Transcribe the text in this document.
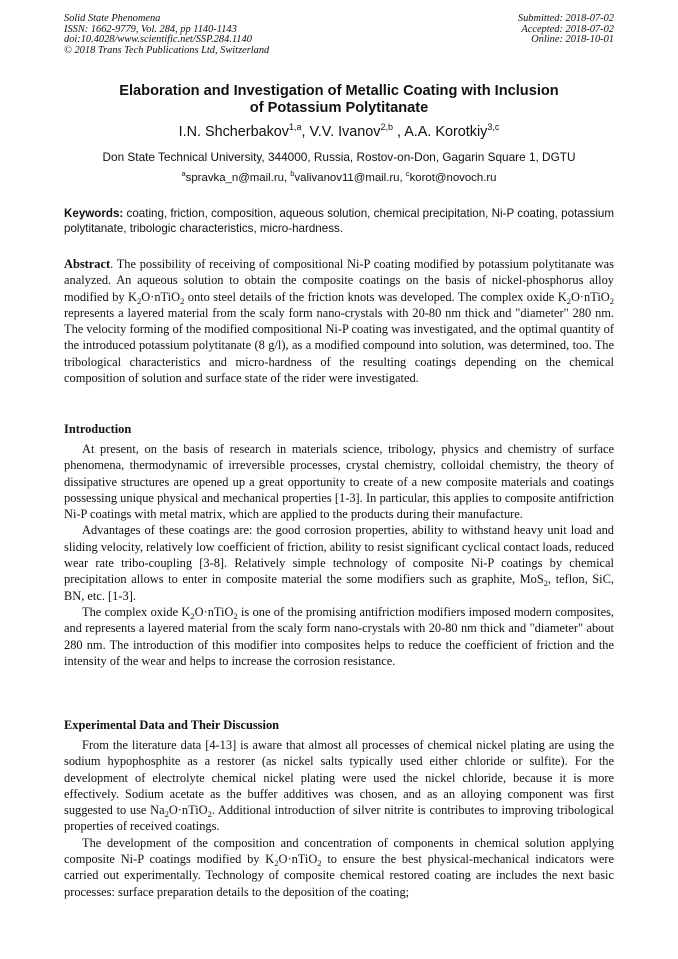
Solid State Phenomena
ISSN: 1662-9779, Vol. 284, pp 1140-1143
doi:10.4028/www.scientific.net/SSP.284.1140
© 2018 Trans Tech Publications Ltd, Switzerland
Submitted: 2018-07-02
Accepted: 2018-07-02
Online: 2018-10-01
Elaboration and Investigation of Metallic Coating with Inclusion
of Potassium Polytitanate
I.N. Shcherbakov$^{1,a}$, V.V. Ivanov$^{2,b}$ , A.A. Korotkiy$^{3,c}$
Don State Technical University, 344000, Russia, Rostov-on-Don, Gagarin Square 1, DGTU
$^a$spravka_n@mail.ru, $^b$valivanov11@mail.ru, $^c$korot@novoch.ru
Keywords: coating, friction, composition, aqueous solution, chemical precipitation, Ni-P coating, potassium polytitanate, tribologic characteristics, micro-hardness.

Abstract. The possibility of receiving of compositional Ni-P coating modified by potassium polytitanate was analyzed. An aqueous solution to obtain the composite coatings on the basis of nickel-phosphorus alloy modified by $K_2O\cdot nTiO_2$ onto steel details of the friction knots was developed. The complex oxide $K_2O\cdot nTiO_2$ represents a layered material from the scaly form nano-crystals with 20-80 nm thick and "diameter" 280 nm. The velocity forming of the modified compositional Ni-P coating was investigated, and the optimal quantity of the introduced potassium polytitanate (8 g/l), as a modified compound into solution, was determined, too. The tribological characteristics and micro-hardness of the resulting coatings depending on the chemical composition of solution and surface state of the rider were investigated.

Introduction

At present, on the basis of research in materials science, tribology, physics and chemistry of surface phenomena, thermodynamic of irreversible processes, crystal chemistry, colloidal chemistry, the theory of dissipative structures are opened up a great opportunity to create of a new composite materials and coatings possessing unique physical and mechanical properties [1-3]. In particular, this applies to composite antifriction Ni-P coatings with metal matrix, which are applied to the products during their manufacture.

Advantages of these coatings are: the good corrosion properties, ability to withstand heavy unit load and sliding velocity, relatively low coefficient of friction, ability to resist significant cyclical contact loads, reduced wear rate tribo-coupling [3-8]. Relatively simple technology of composite Ni-P coatings by chemical precipitation allows to enter in composite material the some modifiers such as graphite, MoS$_2$, teflon, SiC, BN, etc. [1-3].

The complex oxide $K_2O\cdot nTiO_2$ is one of the promising antifriction modifiers imposed modern composites, and represents a layered material from the scaly form nano-crystals with 20-80 nm thick and "diameter" about 280 nm. The introduction of this modifier into composites helps to reduce the coefficient of friction and the intensity of the wear and helps to increase the corrosion resistance.

Experimental Data and Their Discussion

From the literature data [4-13] is aware that almost all processes of chemical nickel plating are using the sodium hypophosphite as a restorer (as nickel salts typically used either chloride or sulfite). For the development of electrolyte chemical nickel plating were used the nickel chloride, because it is more effectively. Sodium acetate as the buffer additives was chosen, and as an alloying component was first suggested to use $Na_2O\cdot nTiO_2$. Additional introduction of silver nitrite is contributes to improving tribological properties of received coatings.

The development of the composition and concentration of components in chemical solution applying composite Ni-P coatings modified by $K_2O\cdot nTiO_2$ to ensure the best physical-mechanical indicators were carried out experimentally. Technology of composite chemical restored coating are includes the next basic processes: surface preparation details to the deposition of the coating;
